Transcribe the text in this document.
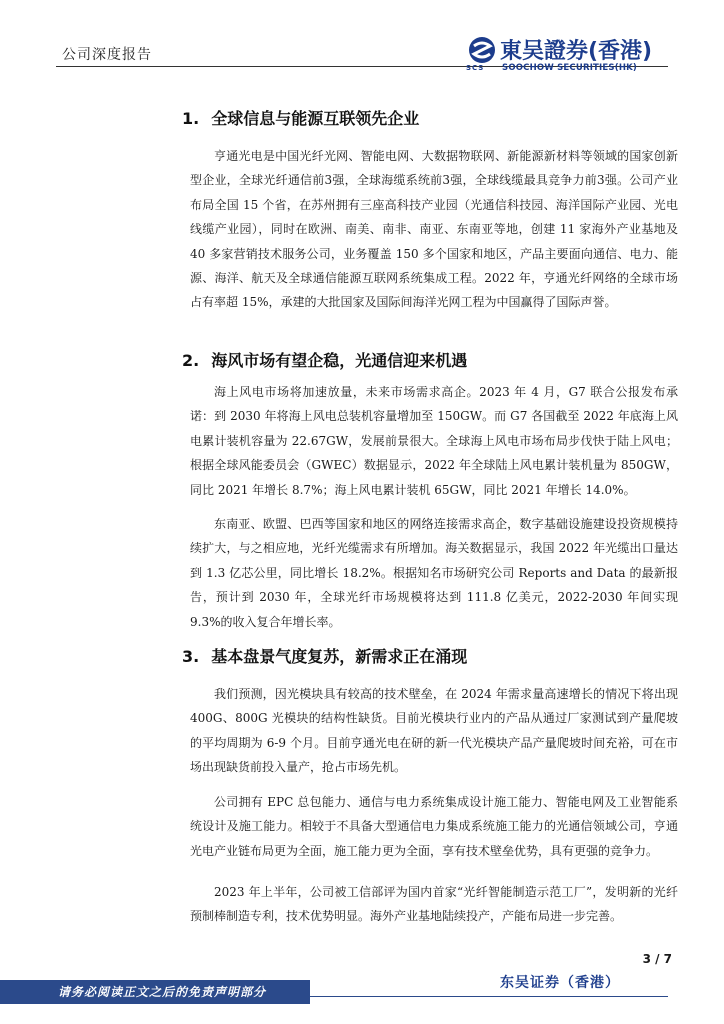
公司深度报告
SCS
東吴證券(香港)
SOOCHOW SECURITIES(HK)
1. 全球信息与能源互联领先企业
亨通光电是中国光纤光网、智能电网、大数据物联网、新能源新材料等领域的国家创新型企业，全球光纤通信前3强，全球海缆系统前3强，全球线缆最具竞争力前3强。公司产业布局全国 15 个省，在苏州拥有三座高科技产业园（光通信科技园、海洋国际产业园、光电线缆产业园），同时在欧洲、南美、南非、南亚、东南亚等地，创建 11 家海外产业基地及 40 多家营销技术服务公司，业务覆盖 150 多个国家和地区，产品主要面向通信、电力、能源、海洋、航天及全球通信能源互联网系统集成工程。2022 年，亨通光纤网络的全球市场占有率超 15%，承建的大批国家及国际间海洋光网工程为中国赢得了国际声誉。
2. 海风市场有望企稳，光通信迎来机遇
海上风电市场将加速放量，未来市场需求高企。2023 年 4 月，G7 联合公报发布承诺：到 2030 年将海上风电总装机容量增加至 150GW。而 G7 各国截至 2022 年底海上风电累计装机容量为 22.67GW，发展前景很大。全球海上风电市场布局步伐快于陆上风电；根据全球风能委员会（GWEC）数据显示，2022 年全球陆上风电累计装机量为 850GW，同比 2021 年增长 8.7%；海上风电累计装机 65GW，同比 2021 年增长 14.0%。
东南亚、欧盟、巴西等国家和地区的网络连接需求高企，数字基础设施建设投资规模持续扩大，与之相应地，光纤光缆需求有所增加。海关数据显示，我国 2022 年光缆出口量达到 1.3 亿芯公里，同比增长 18.2%。根据知名市场研究公司 Reports and Data 的最新报告，预计到 2030 年，全球光纤市场规模将达到 111.8 亿美元，2022-2030 年间实现 9.3%的收入复合年增长率。
3. 基本盘景气度复苏，新需求正在涌现
我们预测，因光模块具有较高的技术壁垒，在 2024 年需求量高速增长的情况下将出现 400G、800G 光模块的结构性缺货。目前光模块行业内的产品从通过厂家测试到产量爬坡的平均周期为 6-9 个月。目前亨通光电在研的新一代光模块产品产量爬坡时间充裕，可在市场出现缺货前投入量产，抢占市场先机。
公司拥有 EPC 总包能力、通信与电力系统集成设计施工能力、智能电网及工业智能系统设计及施工能力。相较于不具备大型通信电力集成系统施工能力的光通信领域公司，亨通光电产业链布局更为全面，施工能力更为全面，享有技术壁垒优势，具有更强的竞争力。
2023 年上半年，公司被工信部评为国内首家“光纤智能制造示范工厂”，发明新的光纤预制棒制造专利，技术优势明显。海外产业基地陆续投产，产能布局进一步完善。
3 / 7
请务必阅读正文之后的免责声明部分
东吴证券（香港）
